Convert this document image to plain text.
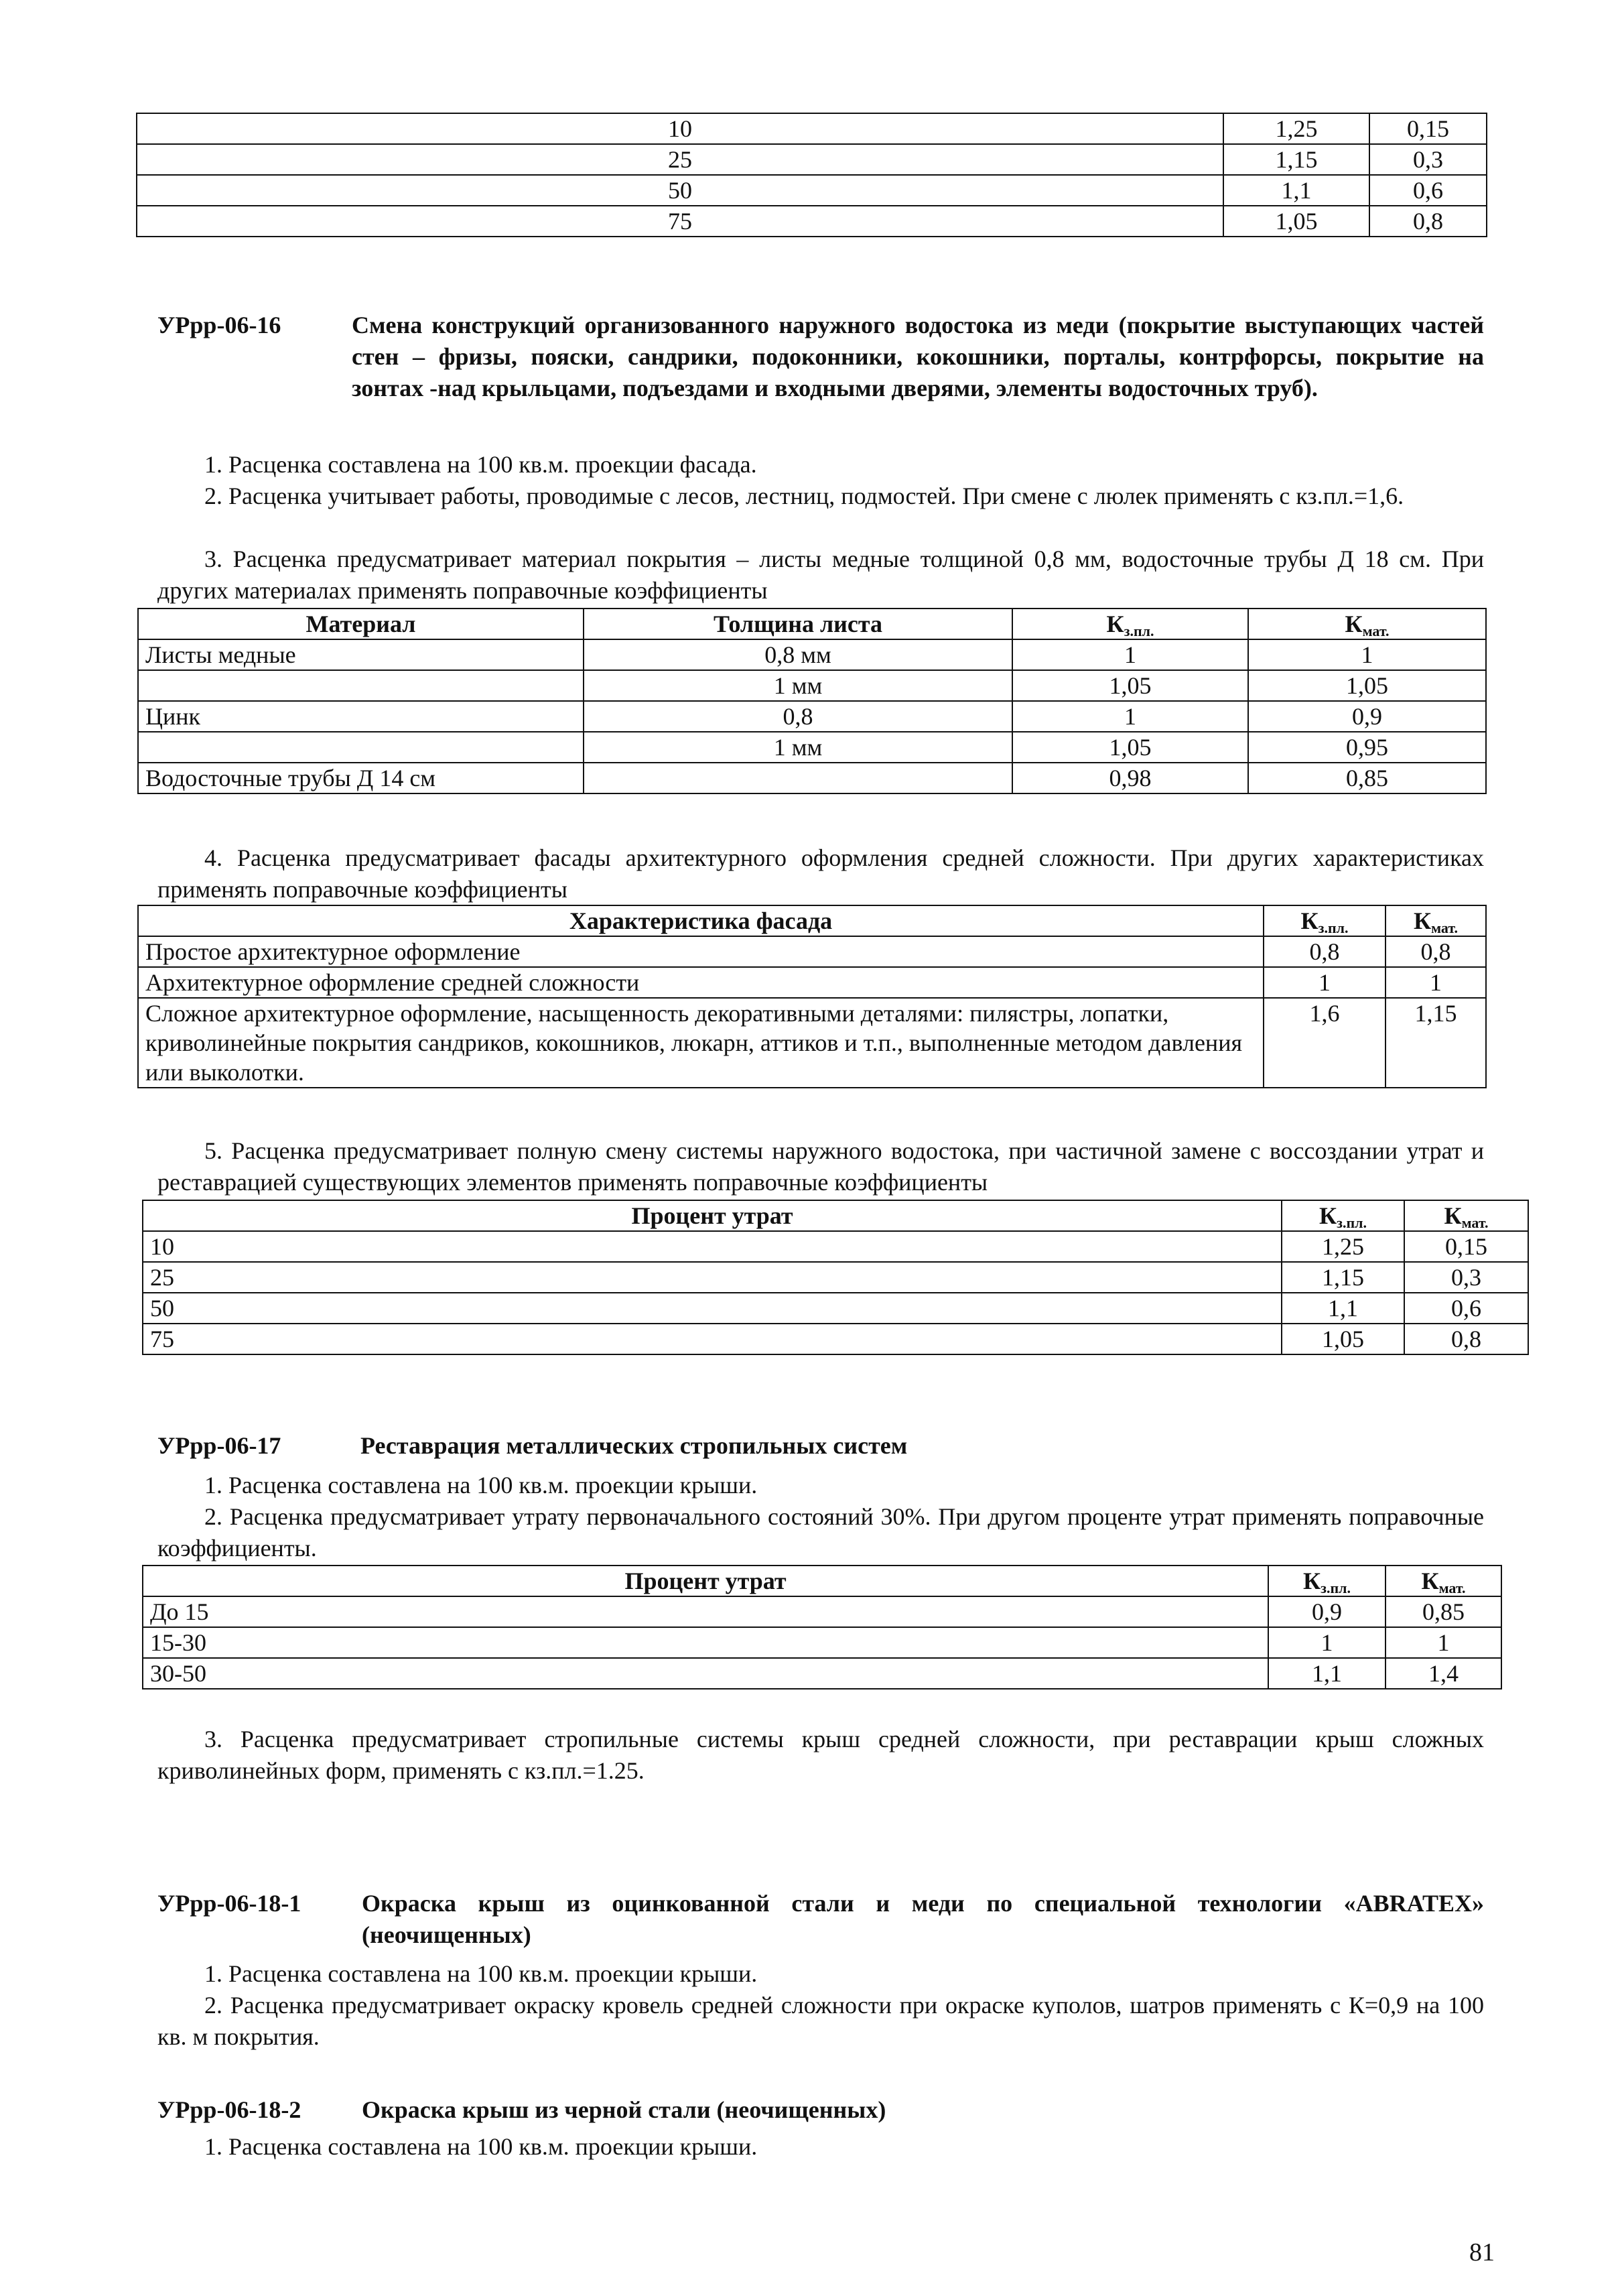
10	1,25	0,15
25	1,15	0,3
50	1,1	0,6
75	1,05	0,8
УРрр-06-16	Смена конструкций организованного наружного водостока из меди (покрытие выступающих частей стен – фризы, пояски, сандрики, подоконники, кокошники, порталы, контрфорсы, покрытие на зонтах -над крыльцами, подъездами и входными дверями, элементы водосточных труб).
1. Расценка составлена на 100 кв.м. проекции фасада.
2. Расценка учитывает работы, проводимые с лесов, лестниц, подмостей. При смене с люлек применять с кз.пл.=1,6.
3. Расценка предусматривает материал покрытия – листы медные толщиной 0,8 мм, водосточные трубы Д 18 см. При других материалах применять поправочные коэффициенты
Материал	Толщина листа	$К_{з.пл.}$	$К_{мат.}$
Листы медные	0,8 мм	1	1
	1 мм	1,05	1,05
Цинк	0,8	1	0,9
	1 мм	1,05	0,95
Водосточные трубы Д 14 см		0,98	0,85
4. Расценка предусматривает фасады архитектурного оформления средней сложности. При других характеристиках применять поправочные коэффициенты
Характеристика фасада	$К_{з.пл.}$	$К_{мат.}$
Простое архитектурное оформление	0,8	0,8
Архитектурное оформление средней сложности	1	1
Сложное архитектурное оформление, насыщенность декоративными деталями: пилястры, лопатки, криволинейные покрытия сандриков, кокошников, люкарн, аттиков и т.п., выполненные методом давления или выколотки.	1,6	1,15
5. Расценка предусматривает полную смену системы наружного водостока, при частичной замене с воссоздании утрат и реставрацией существующих элементов применять поправочные коэффициенты
Процент утрат	$К_{з.пл.}$	$К_{мат.}$
10	1,25	0,15
25	1,15	0,3
50	1,1	0,6
75	1,05	0,8
УРрр-06-17	Реставрация металлических стропильных систем
1. Расценка составлена на 100 кв.м. проекции крыши.
2. Расценка предусматривает утрату первоначального состояний 30%. При другом проценте утрат применять поправочные коэффициенты.
Процент утрат	$К_{з.пл.}$	$К_{мат.}$
До 15	0,9	0,85
15-30	1	1
30-50	1,1	1,4
3. Расценка предусматривает стропильные системы крыш средней сложности, при реставрации крыш сложных криволинейных форм, применять с кз.пл.=1.25.
УРрр-06-18-1	Окраска крыш из оцинкованной стали и меди по специальной технологии «ABRATEX» (неочищенных)
1. Расценка составлена на 100 кв.м. проекции крыши.
2. Расценка предусматривает окраску кровель средней сложности при окраске куполов, шатров применять с К=0,9 на 100 кв. м покрытия.
УРрр-06-18-2	Окраска крыш из черной стали (неочищенных)
1. Расценка составлена на 100 кв.м. проекции крыши.
81
